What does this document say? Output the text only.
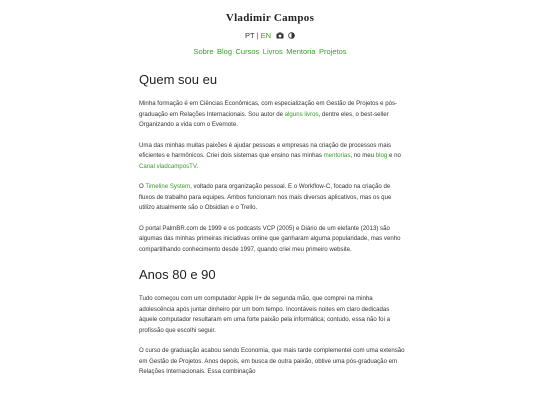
Vladimir Campos
PT | EN
Sobre Blog Cursos Livros Mentoria Projetos
Quem sou eu

Minha formação é em Ciências Econômicas, com especialização em Gestão de Projetos e pós-graduação em Relações Internacionais. Sou autor de alguns livros, dentre eles, o best-seller Organizando a vida com o Evernote.

Uma das minhas muitas paixões é ajudar pessoas e empresas na criação de processos mais eficientes e harmônicos. Criei dois sistemas que ensino nas minhas mentorias, no meu blog e no Canal vladcamposTV.

O Timeline System, voltado para organização pessoal. E o Workflow-C, focado na criação de fluxos de trabalho para equipes. Ambos funcionam nos mais diversos aplicativos, mas os que utilizo atualmente são o Obsidian e o Trello.

O portal PalmBR.com de 1999 e os podcasts VCP (2005) e Diário de um elefante (2013) são algumas das minhas primeiras iniciativas online que ganharam alguma popularidade, mas venho compartilhando conhecimento desde 1997, quando criei meu primeiro website.

Anos 80 e 90

Tudo começou com um computador Apple II+ de segunda mão, que comprei na minha adolescência após juntar dinheiro por um bom tempo. Incontáveis noites em claro dedicadas àquele computador resultaram em uma forte paixão pela informática; contudo, essa não foi a profissão que escolhi seguir.

O curso de graduação acabou sendo Economia, que mais tarde complementei com uma extensão em Gestão de Projetos. Anos depois, em busca de outra paixão, obtive uma pós-graduação em Relações Internacionais. Essa combinação
